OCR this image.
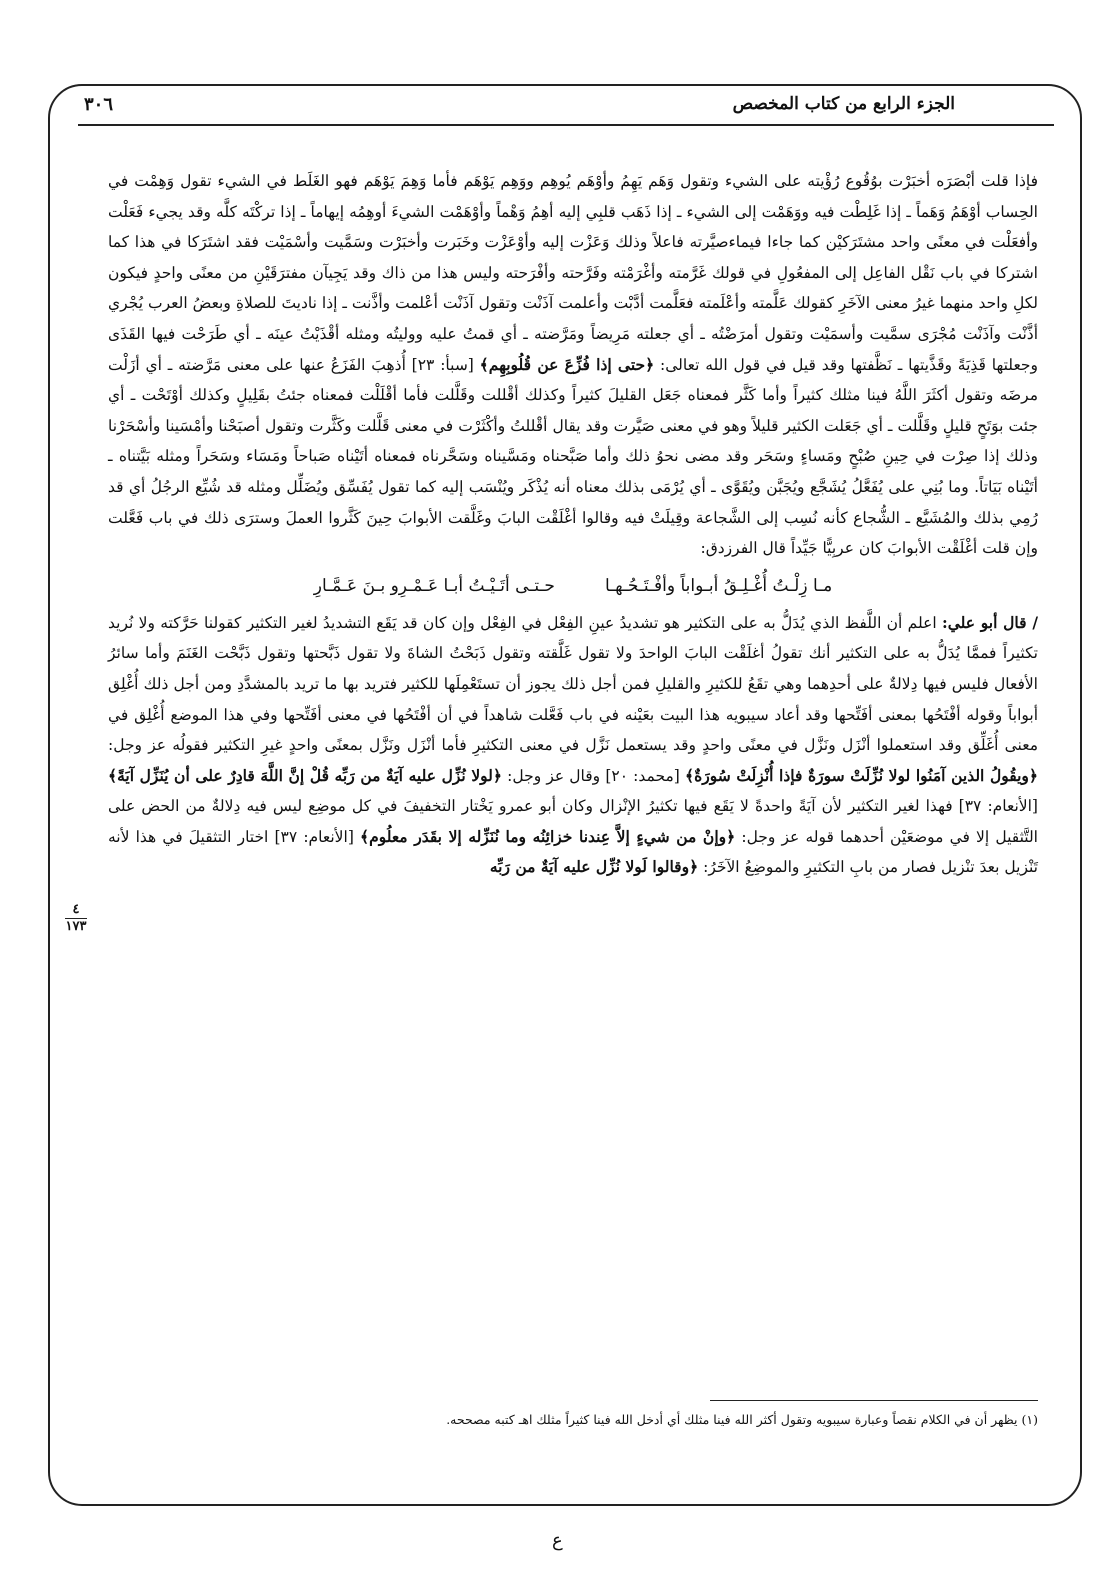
الجزء الرابع من كتاب المخصص
٣٠٦

فإذا قلت أبْصَرَه أخبَرْت بوُقُوع رُؤْيته على الشيء وتقول وَهَم يَهِمُ وأوْهَم يُوهِم ووَهِم يَوْهَم فأما وَهِمَ يَوْهَم فهو الغَلَط في الشيء تقول وَهِمْت في الحِساب أوْهَمُ وَهَماً ـ إذا غَلِطْت فيه ووَهَمْت إلى الشيء ـ إذا ذَهَب قلبِي إليه أهِمُ وَهْماً وأوْهَمْت الشيءَ أوهِمُه إيهاماً ـ إذا تركْتَه كلَّه وقد يجيء فَعَلْت وأفعَلْت في معنًى واحد مشتَرَكيْن كما جاءا فيماءصيَّرته فاعلاً وذلك وَعَزْت إليه وأوْعَزْت وخَبَرت وأخبَرْت وسَمَّيت وأسْمَيْت فقد اشتَرَكا في هذا كما اشتركا في باب نَقْل الفاعِل إلى المفعُولِ في قولك غَرَّمته وأغْرَمْته وفَرَّحته وأفْرَحته وليس هذا من ذاك وقد يَجِيآن مفترَقَيْنِ من معنًى واحدٍ فيكون لكلِ واحد منهما غيرُ معنى الآخَرِ كقولك عَلَّمته وأعْلَمته فعَلَّمت أدَّبْت وأعلمت آذَنْت وتقول آذَنْت أعْلمت وأذَّنت ـ إذا ناديتَ للصلاةِ وبعضُ العرب يُجْري أذَّنْت وآذَنْت مُجْرَى سمَّيت وأسمَيْت وتقول أمرَضْتُه ـ أي جعلته مَرِيضاً ومَرَّضته ـ أي قمتُ عليه ووليتُه ومثله أقْذَيْتُ عينَه ـ أي طَرَحْت فيها القَذَى وجعلتها قَذِيَةً وقَذَّيتها ـ نَظَّفتها وقد قيل في قول الله تعالى: ﴿حتى إذا فُزِّعَ عن قُلُوبِهِم﴾ [سبأ: ٢٣] أُذهِبَ الفَزَعُ عنها على معنى مَرَّضته ـ أي أزَلْت مرضَه وتقول أكثَرَ اللَّهُ فينا مثلك كثيراً وأما كَثَّر فمعناه جَعَل القليلَ كثيراً وكذلك أقْللت وقَلَّلت فأما أقْلَلْت فمعناه جئتُ بقَلِيلٍ وكذلك أوْتَحْت ـ أي جئت بوَتَحٍ قليلٍ وقَلَّلت ـ أي جَعَلت الكثير قليلاً وهو في معنى صَيَّرت وقد يقال أقْللتُ وأكْثَرْت في معنى قَلَّلت وكَثَّرت وتقول أصبَحْنا وأمْسَينا وأسْحَرْنا وذلك إذا صِرْت في حِينِ صُبْحٍ ومَساءٍ وسَحَر وقد مضى نحوُ ذلك وأما صَبَّحناه ومَسَّيناه وسَحَّرناه فمعناه أتَيْناه صَباحاً ومَسَاء وسَحَراً ومثله بَيَّتناه ـ أتَيْناه بَيَاتاً. وما بُنِي على يُفَعَّلُ يُشَجَّع ويُجَبَّن ويُقَوَّى ـ أي يُرْمَى بذلك معناه أنه يُذْكَر ويُنْسَب إليه كما تقول يُفَسِّق ويُضَلِّل ومثله قد شُيِّع الرجُلُ أي قد رُمِي بذلك والمُشَيَّع ـ الشُّجاع كأنه نُسِب إلى الشَّجاعة وقِيلَتْ فيه وقالوا أغْلَقْت البابَ وغَلَّقت الأبوابَ حِينَ كَثَّروا العملَ وسترَى ذلك في باب فَعَّلت وإن قلت أغْلَقْت الأبوابَ كان عربِيًّا جَيِّداً قال الفرزدق:

مـا زِلْـتُ أُغْـلِـقُ أبـواباً وأفْـتَـحُـهـا
حـتـى أتَـيْـتُ أبـا عَـمْـرِو بـنَ عَـمَّـارِ

/ قال أبو علي: اعلم أن اللَّفظ الذي يُدَلُّ به على التكثير هو تشديدُ عينِ الفِعْل في الفِعْل وإن كان قد يَقَع التشديدُ لغير التكثير كقولنا حَرَّكته ولا نُريد تكثيراً فممَّا يُدَلُّ به على التكثير أنك تقولُ أغلَقْت البابَ الواحدَ ولا تقول غَلَّقته وتقول ذَبَحْتُ الشاةَ ولا تقول ذَبَّحتها وتقول ذَبَّحْت الغَنَمَ وأما سائرُ الأفعال فليس فيها دِلالةٌ على أحدِهما وهي تقَعُ للكثيرِ والقليلِ فمن أجل ذلك يجوز أن تستَعْمِلَها للكثير فتريد بها ما تريد بالمشدَّدِ ومن أجل ذلك أُغْلِق أبواباً وقوله أفْتَحُها بمعنى أفَتِّحها وقد أعاد سيبويه هذا البيت بعَيْنه في باب فَعَّلت شاهداً في أن أفْتَحُها في معنى أفَتِّحها وفي هذا الموضع أُغْلِق في معنى أُغَلِّق وقد استعملوا أنْزَل ونَزَّل في معنًى واحدٍ وقد يستعمل نَزَّل في معنى التكثيرِ فأما أنْزَل ونَزَّل بمعنًى واحدٍ غيرِ التكثير فقولُه عز وجل: ﴿ويقُولُ الذين آمَنُوا لولا نُزِّلَتْ سورَةٌ فإذا أُنْزِلَتْ سُورَةٌ﴾ [محمد: ٢٠] وقال عز وجل: ﴿لولا نُزِّل عليه آيَةٌ من رَبِّه قُلْ إنَّ اللَّهَ قادِرٌ على أن يُنَزِّل آيَةً﴾ [الأنعام: ٣٧] فهذا لغير التكثير لأن آيَةً واحدةً لا يَقَع فيها تكثيرُ الإنْزال وكان أبو عمرو يَخْتار التخفيفَ في كل موضِع ليس فيه دِلالةٌ من الحض على التَّثقيل إلا في موضعَيْن أحدهما قوله عز وجل: ﴿وإنْ من شيءٍ إلاَّ عِندنا خزائِنُه وما نُنَزِّله إلا بقَدَر معلُوم﴾ [الأنعام: ٣٧] اختار التثقيلَ في هذا لأنه تَنْزيل بعدَ تنْزيل فصار من بابِ التكثيرِ والموضِعُ الآخَرُ: ﴿وقالوا لَولا نُزِّل عليه آيَةٌ من رَبِّه

٤
١٧٣
(١) يظهر أن في الكلام نقصاً وعبارة سيبويه وتقول أكثر الله فينا مثلك أي أدخل الله فينا كثيراً مثلك اهـ كتبه مصححه.
ع
